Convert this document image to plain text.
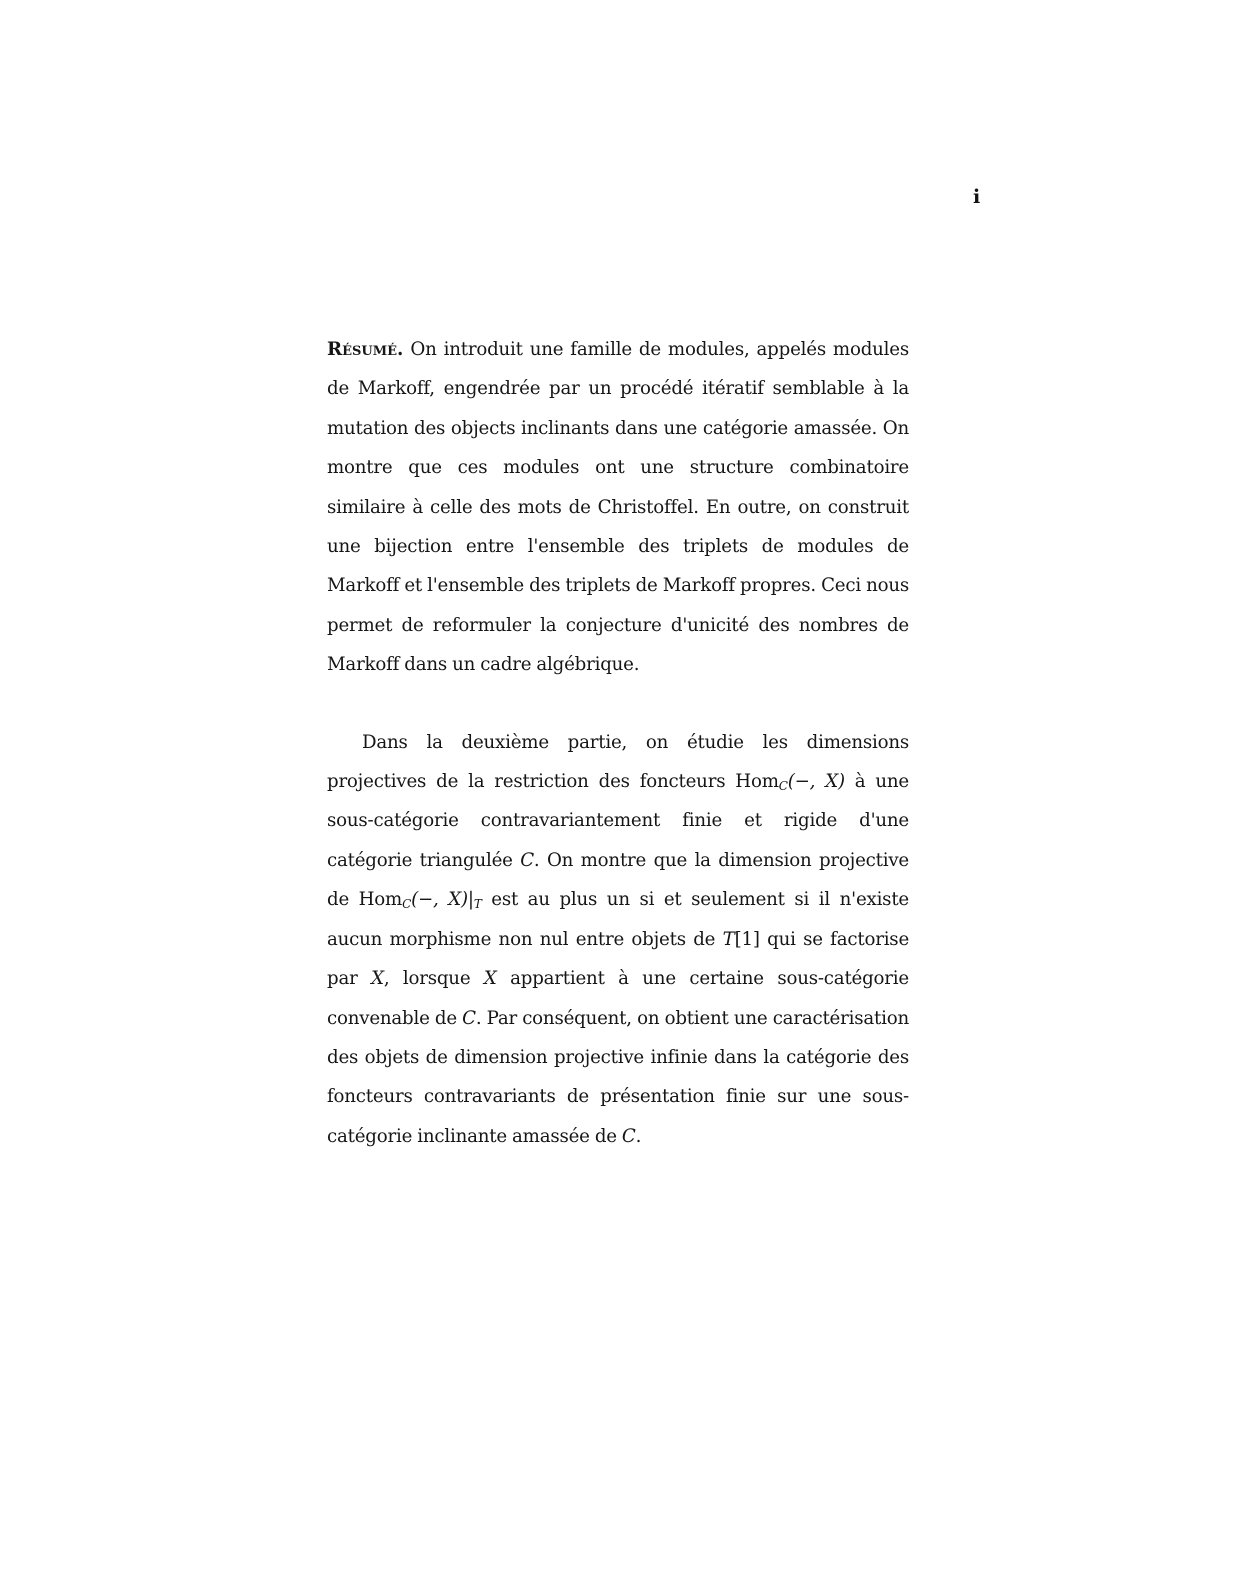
i

Résumé. On introduit une famille de modules, appelés modules de Markoff, engendrée par un procédé itératif semblable à la mutation des objects inclinants dans une catégorie amassée. On montre que ces modules ont une structure combinatoire similaire à celle des mots de Christoffel. En outre, on construit une bijection entre l'ensemble des triplets de modules de Markoff et l'ensemble des triplets de Markoff propres. Ceci nous permet de reformuler la conjecture d'unicité des nombres de Markoff dans un cadre algébrique.

Dans la deuxième partie, on étudie les dimensions projectives de la restriction des foncteurs Hom$_C$(−, X) à une sous-catégorie contravariantement finie et rigide d'une catégorie triangulée C. On montre que la dimension projective de Hom$_C$(−, $X)|_T$ est au plus un si et seulement si il n'existe aucun morphisme non nul entre objets de T[1] qui se factorise par X, lorsque X appartient à une certaine sous-catégorie convenable de C. Par conséquent, on obtient une caractérisation des objets de dimension projective infinie dans la catégorie des foncteurs contravariants de présentation finie sur une sous-catégorie inclinante amassée de C.
